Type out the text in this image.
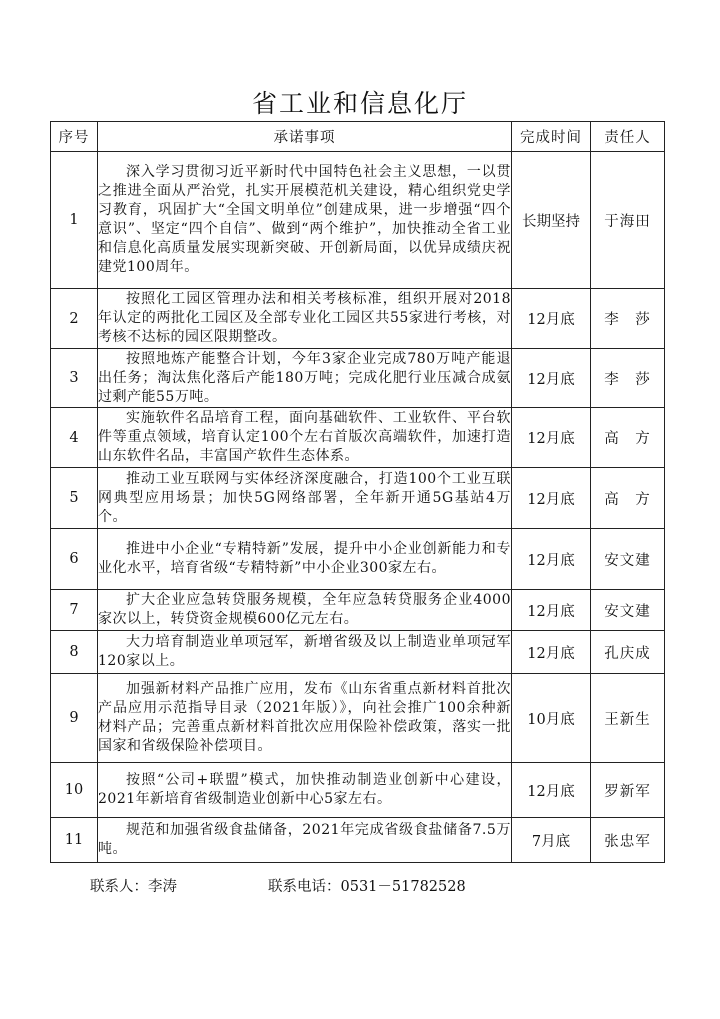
省工业和信息化厅
序号	承诺事项	完成时间	责任人
1	深入学习贯彻习近平新时代中国特色社会主义思想，一以贯之推进全面从严治党，扎实开展模范机关建设，精心组织党史学习教育，巩固扩大“全国文明单位”创建成果，进一步增强“四个意识”、坚定“四个自信”、做到“两个维护”，加快推动全省工业和信息化高质量发展实现新突破、开创新局面，以优异成绩庆祝建党100周年。	长期坚持	于海田
2	按照化工园区管理办法和相关考核标准，组织开展对2018年认定的两批化工园区及全部专业化工园区共55家进行考核，对考核不达标的园区限期整改。	12月底	李　莎
3	按照地炼产能整合计划，今年3家企业完成780万吨产能退出任务；淘汰焦化落后产能180万吨；完成化肥行业压减合成氨过剩产能55万吨。	12月底	李　莎
4	实施软件名品培育工程，面向基础软件、工业软件、平台软件等重点领域，培育认定100个左右首版次高端软件，加速打造山东软件名品，丰富国产软件生态体系。	12月底	高　方
5	推动工业互联网与实体经济深度融合，打造100个工业互联网典型应用场景；加快5G网络部署，全年新开通5G基站4万个。	12月底	高　方
6	推进中小企业“专精特新”发展，提升中小企业创新能力和专业化水平，培育省级“专精特新”中小企业300家左右。	12月底	安文建
7	扩大企业应急转贷服务规模，全年应急转贷服务企业4000家次以上，转贷资金规模600亿元左右。	12月底	安文建
8	大力培育制造业单项冠军，新增省级及以上制造业单项冠军120家以上。	12月底	孔庆成
9	加强新材料产品推广应用，发布《山东省重点新材料首批次产品应用示范指导目录（2021年版）》，向社会推广100余种新材料产品；完善重点新材料首批次应用保险补偿政策，落实一批国家和省级保险补偿项目。	10月底	王新生
10	按照“公司+联盟”模式，加快推动制造业创新中心建设，2021年新培育省级制造业创新中心5家左右。	12月底	罗新军
11	规范和加强省级食盐储备，2021年完成省级食盐储备7.5万吨。	7月底	张忠军
联系人：李涛	联系电话：0531－51782528
